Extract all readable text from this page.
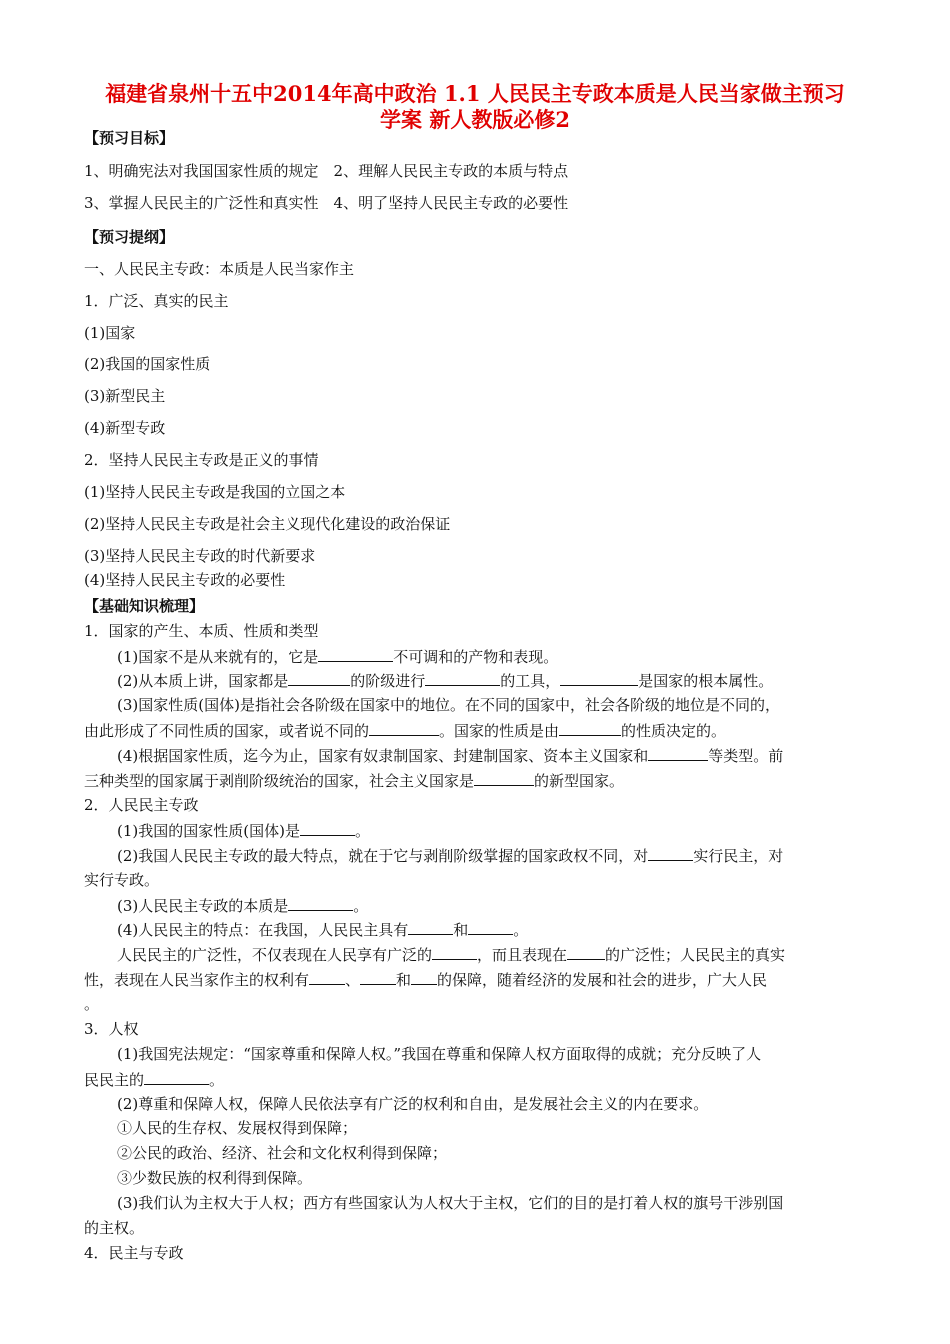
福建省泉州十五中2014年高中政治 1.1 人民民主专政本质是人民当家做主预习
学案 新人教版必修2
【预习目标】
1、明确宪法对我国国家性质的规定　2、理解人民民主专政的本质与特点
3、掌握人民民主的广泛性和真实性　4、明了坚持人民民主专政的必要性
【预习提纲】
一、人民民主专政：本质是人民当家作主
1．广泛、真实的民主
(1)国家
(2)我国的国家性质
(3)新型民主
(4)新型专政
2．坚持人民民主专政是正义的事情
(1)坚持人民民主专政是我国的立国之本
(2)坚持人民民主专政是社会主义现代化建设的政治保证
(3)坚持人民民主专政的时代新要求
(4)坚持人民民主专政的必要性
【基础知识梳理】
1．国家的产生、本质、性质和类型
(1)国家不是从来就有的，它是	不可调和的产物和表现。
(2)从本质上讲，国家都是	的阶级进行	的工具，	是国家的根本属性。
(3)国家性质(国体)是指社会各阶级在国家中的地位。在不同的国家中，社会各阶级的地位是不同的，
由此形成了不同性质的国家，或者说不同的	。国家的性质是由	的性质决定的。
(4)根据国家性质，迄今为止，国家有奴隶制国家、封建制国家、资本主义国家和	等类型。前
三种类型的国家属于剥削阶级统治的国家，社会主义国家是	的新型国家。
2．人民民主专政
(1)我国的国家性质(国体)是	。
(2)我国人民民主专政的最大特点，就在于它与剥削阶级掌握的国家政权不同，对	实行民主，对
实行专政。
(3)人民民主专政的本质是	。
(4)人民民主的特点：在我国，人民民主具有	和	。
人民民主的广泛性，不仅表现在人民享有广泛的	，而且表现在	的广泛性；人民民主的真实
性，表现在人民当家作主的权利有 、 和 的保障，随着经济的发展和社会的进步，广大人民
。
3．人权
(1)我国宪法规定：“国家尊重和保障人权。”我国在尊重和保障人权方面取得的成就；充分反映了人
民民主的	。
(2)尊重和保障人权，保障人民依法享有广泛的权利和自由，是发展社会主义的内在要求。
①人民的生存权、发展权得到保障；
②公民的政治、经济、社会和文化权利得到保障；
③少数民族的权利得到保障。
(3)我们认为主权大于人权；西方有些国家认为人权大于主权，它们的目的是打着人权的旗号干涉别国
的主权。
4．民主与专政
